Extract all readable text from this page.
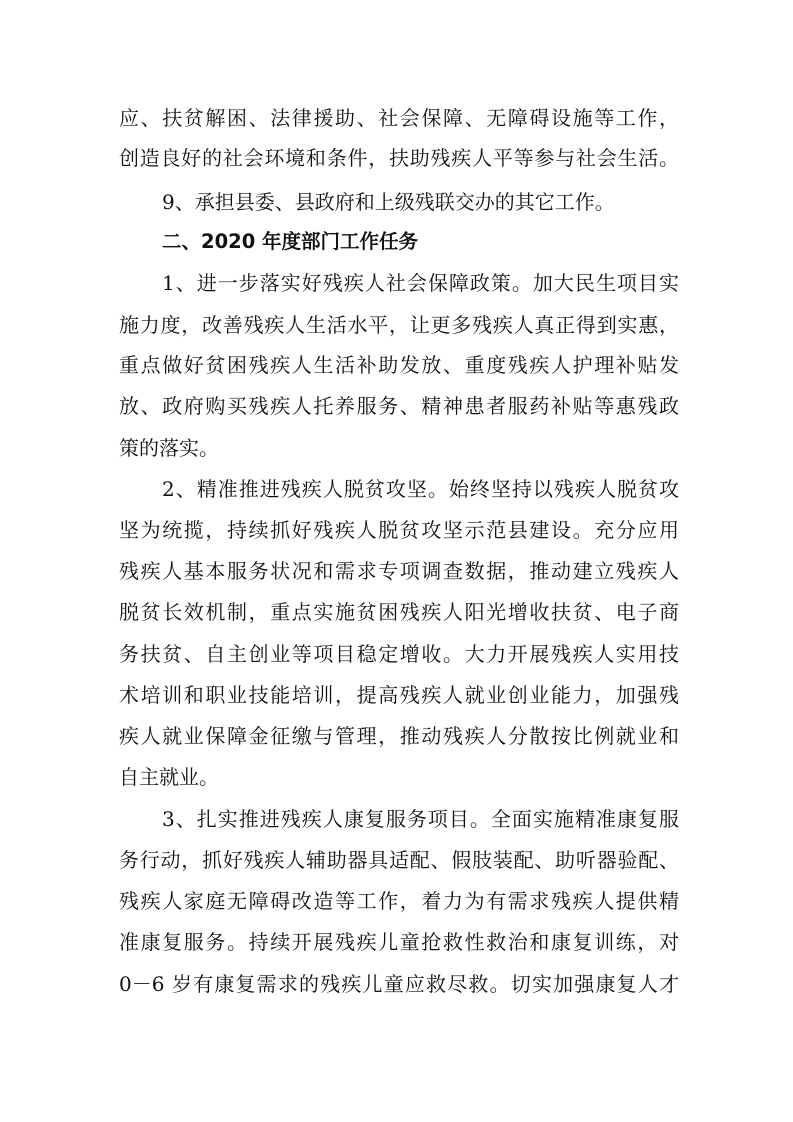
应、扶贫解困、法律援助、社会保障、无障碍设施等工作，
创造良好的社会环境和条件，扶助残疾人平等参与社会生活。
9、承担县委、县政府和上级残联交办的其它工作。
二、2020 年度部门工作任务
1、进一步落实好残疾人社会保障政策。加大民生项目实
施力度，改善残疾人生活水平，让更多残疾人真正得到实惠，
重点做好贫困残疾人生活补助发放、重度残疾人护理补贴发
放、政府购买残疾人托养服务、精神患者服药补贴等惠残政
策的落实。
2、精准推进残疾人脱贫攻坚。始终坚持以残疾人脱贫攻
坚为统揽，持续抓好残疾人脱贫攻坚示范县建设。充分应用
残疾人基本服务状况和需求专项调查数据，推动建立残疾人
脱贫长效机制，重点实施贫困残疾人阳光增收扶贫、电子商
务扶贫、自主创业等项目稳定增收。大力开展残疾人实用技
术培训和职业技能培训，提高残疾人就业创业能力，加强残
疾人就业保障金征缴与管理，推动残疾人分散按比例就业和
自主就业。
3、扎实推进残疾人康复服务项目。全面实施精准康复服
务行动，抓好残疾人辅助器具适配、假肢装配、助听器验配、
残疾人家庭无障碍改造等工作，着力为有需求残疾人提供精
准康复服务。持续开展残疾儿童抢救性救治和康复训练，对
0－6 岁有康复需求的残疾儿童应救尽救。切实加强康复人才
